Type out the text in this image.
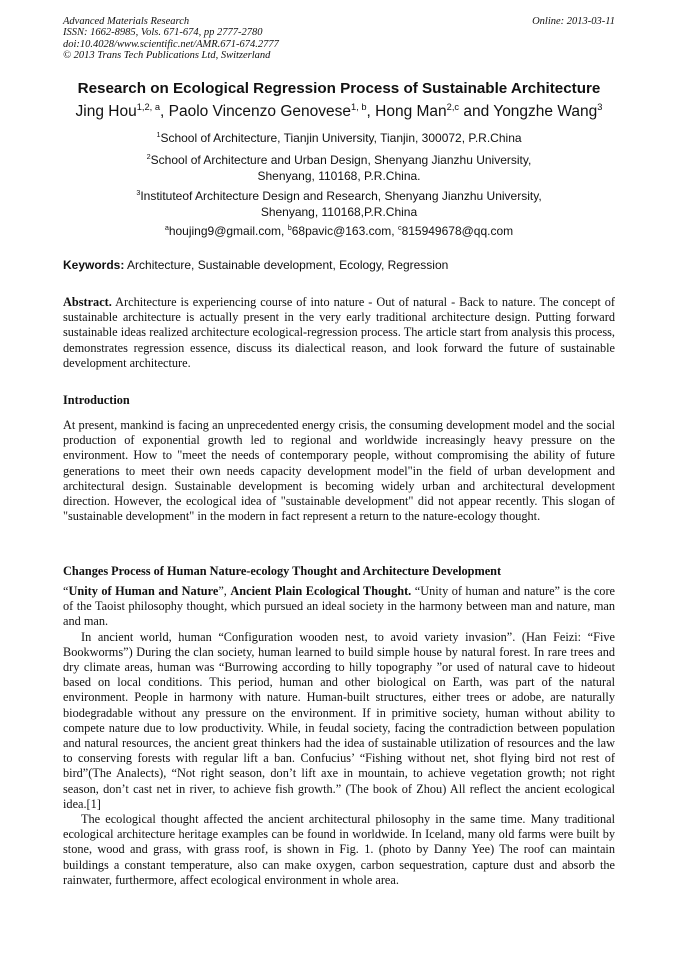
Advanced Materials Research
ISSN: 1662-8985, Vols. 671-674, pp 2777-2780
doi:10.4028/www.scientific.net/AMR.671-674.2777
© 2013 Trans Tech Publications Ltd, Switzerland
Online: 2013-03-11
Research on Ecological Regression Process of Sustainable Architecture
Jing Hou$^{1,2, a}$, Paolo Vincenzo Genovese$^{1, b}$, Hong Man$^{2,c}$ and Yongzhe Wang$^3$
$^1$School of Architecture, Tianjin University, Tianjin, 300072, P.R.China
$^2$School of Architecture and Urban Design, Shenyang Jianzhu University,
Shenyang, 110168, P.R.China.
$^3$Instituteof Architecture Design and Research, Shenyang Jianzhu University,
Shenyang, 110168,P.R.China
$^a$houjing9@gmail.com, $^b$68pavic@163.com, $^c$815949678@qq.com
Keywords: Architecture, Sustainable development, Ecology, Regression

Abstract. Architecture is experiencing course of into nature - Out of natural - Back to nature. The concept of sustainable architecture is actually present in the very early traditional architecture design. Putting forward sustainable ideas realized architecture ecological-regression process. The article start from analysis this process, demonstrates regression essence, discuss its dialectical reason, and look forward the future of sustainable development architecture.

Introduction

At present, mankind is facing an unprecedented energy crisis, the consuming development model and the social production of exponential growth led to regional and worldwide increasingly heavy pressure on the environment. How to "meet the needs of contemporary people, without compromising the ability of future generations to meet their own needs capacity development model"in the field of urban development and architectural design. Sustainable development is becoming widely urban and architectural development direction. However, the ecological idea of "sustainable development" did not appear recently. This slogan of "sustainable development" in the modern in fact represent a return to the nature-ecology thought.

Changes Process of Human Nature-ecology Thought and Architecture Development

“Unity of Human and Nature”, Ancient Plain Ecological Thought. “Unity of human and nature” is the core of the Taoist philosophy thought, which pursued an ideal society in the harmony between man and nature, man and man.

In ancient world, human “Configuration wooden nest, to avoid variety invasion”. (Han Feizi: “Five Bookworms”) During the clan society, human learned to build simple house by natural forest. In rare trees and dry climate areas, human was “Burrowing according to hilly topography ”or used of natural cave to hideout based on local conditions. This period, human and other biological on Earth, was part of the natural environment. People in harmony with nature. Human-built structures, either trees or adobe, are naturally biodegradable without any pressure on the environment. If in primitive society, human without ability to compete nature due to low productivity. While, in feudal society, facing the contradiction between population and natural resources, the ancient great thinkers had the idea of sustainable utilization of resources and the law to conserving forests with regular lift a ban. Confucius’ “Fishing without net, shot flying bird not rest of bird”(The Analects), “Not right season, don’t lift axe in mountain, to achieve vegetation growth; not right season, don’t cast net in river, to achieve fish growth.” (The book of Zhou) All reflect the ancient ecological idea.[1]

The ecological thought affected the ancient architectural philosophy in the same time. Many traditional ecological architecture heritage examples can be found in worldwide. In Iceland, many old farms were built by stone, wood and grass, with grass roof, is shown in Fig. 1. (photo by Danny Yee) The roof can maintain buildings a constant temperature, also can make oxygen, carbon sequestration, capture dust and absorb the rainwater, furthermore, affect ecological environment in whole area.
